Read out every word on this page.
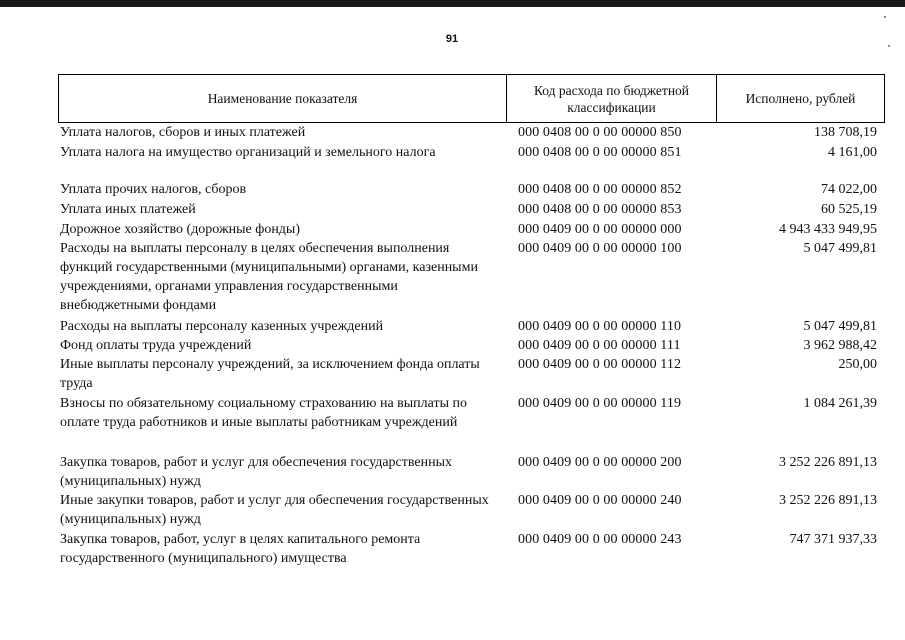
91
Наименование показателя
Код расхода по бюджетной классификации
Исполнено, рублей
Уплата налогов, сборов и иных платежей	000 0408 00 0 00 00000 850	138 708,19
Уплата налога на имущество организаций и земельного налога	000 0408 00 0 00 00000 851	4 161,00
Уплата прочих налогов, сборов	000 0408 00 0 00 00000 852	74 022,00
Уплата иных платежей	000 0408 00 0 00 00000 853	60 525,19
Дорожное хозяйство (дорожные фонды)	000 0409 00 0 00 00000 000	4 943 433 949,95
Расходы на выплаты персоналу в целях обеспечения выполнения функций государственными (муниципальными) органами, казенными учреждениями, органами управления государственными внебюджетными фондами
000 0409 00 0 00 00000 100	5 047 499,81
Расходы на выплаты персоналу казенных учреждений	000 0409 00 0 00 00000 110	5 047 499,81
Фонд оплаты труда учреждений	000 0409 00 0 00 00000 111	3 962 988,42
Иные выплаты персоналу учреждений, за исключением фонда оплаты труда
000 0409 00 0 00 00000 112	250,00
Взносы по обязательному социальному страхованию на выплаты по оплате труда работников и иные выплаты работникам учреждений
000 0409 00 0 00 00000 119	1 084 261,39
Закупка товаров, работ и услуг для обеспечения государственных (муниципальных) нужд
000 0409 00 0 00 00000 200	3 252 226 891,13
Иные закупки товаров, работ и услуг для обеспечения государственных (муниципальных) нужд
000 0409 00 0 00 00000 240	3 252 226 891,13
Закупка товаров, работ, услуг в целях капитального ремонта государственного (муниципального) имущества
000 0409 00 0 00 00000 243	747 371 937,33
